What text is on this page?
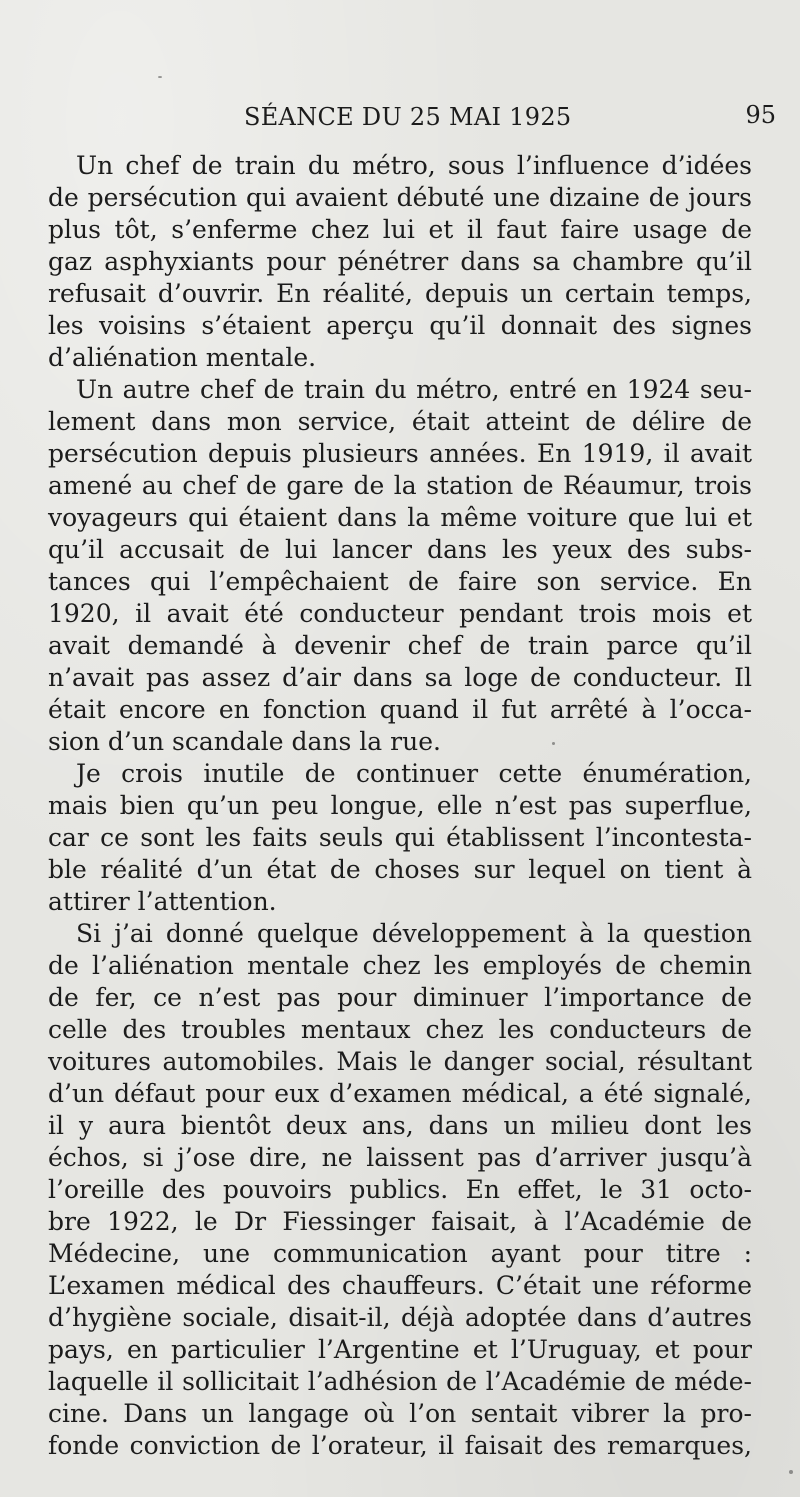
SÉANCE DU 25 MAI 1925	95
Un chef de train du métro, sous l’influence d’idées
de persécution qui avaient débuté une dizaine de jours
plus tôt, s’enferme chez lui et il faut faire usage de
gaz asphyxiants pour pénétrer dans sa chambre qu’il
refusait d’ouvrir. En réalité, depuis un certain temps,
les voisins s’étaient aperçu qu’il donnait des signes
d’aliénation mentale.
Un autre chef de train du métro, entré en 1924 seu-
lement dans mon service, était atteint de délire de
persécution depuis plusieurs années. En 1919, il avait
amené au chef de gare de la station de Réaumur, trois
voyageurs qui étaient dans la même voiture que lui et
qu’il accusait de lui lancer dans les yeux des subs-
tances qui l’empêchaient de faire son service. En
1920, il avait été conducteur pendant trois mois et
avait demandé à devenir chef de train parce qu’il
n’avait pas assez d’air dans sa loge de conducteur. Il
était encore en fonction quand il fut arrêté à l’occa-
sion d’un scandale dans la rue.
Je crois inutile de continuer cette énumération,
mais bien qu’un peu longue, elle n’est pas superflue,
car ce sont les faits seuls qui établissent l’incontesta-
ble réalité d’un état de choses sur lequel on tient à
attirer l’attention.
Si j’ai donné quelque développement à la question
de l’aliénation mentale chez les employés de chemin
de fer, ce n’est pas pour diminuer l’importance de
celle des troubles mentaux chez les conducteurs de
voitures automobiles. Mais le danger social, résultant
d’un défaut pour eux d’examen médical, a été signalé,
il y aura bientôt deux ans, dans un milieu dont les
échos, si j’ose dire, ne laissent pas d’arriver jusqu’à
l’oreille des pouvoirs publics. En effet, le 31 octo-
bre 1922, le Dr Fiessinger faisait, à l’Académie de
Médecine, une communication ayant pour titre :
L’examen médical des chauffeurs. C’était une réforme
d’hygiène sociale, disait-il, déjà adoptée dans d’autres
pays, en particulier l’Argentine et l’Uruguay, et pour
laquelle il sollicitait l’adhésion de l’Académie de méde-
cine. Dans un langage où l’on sentait vibrer la pro-
fonde conviction de l’orateur, il faisait des remarques,
